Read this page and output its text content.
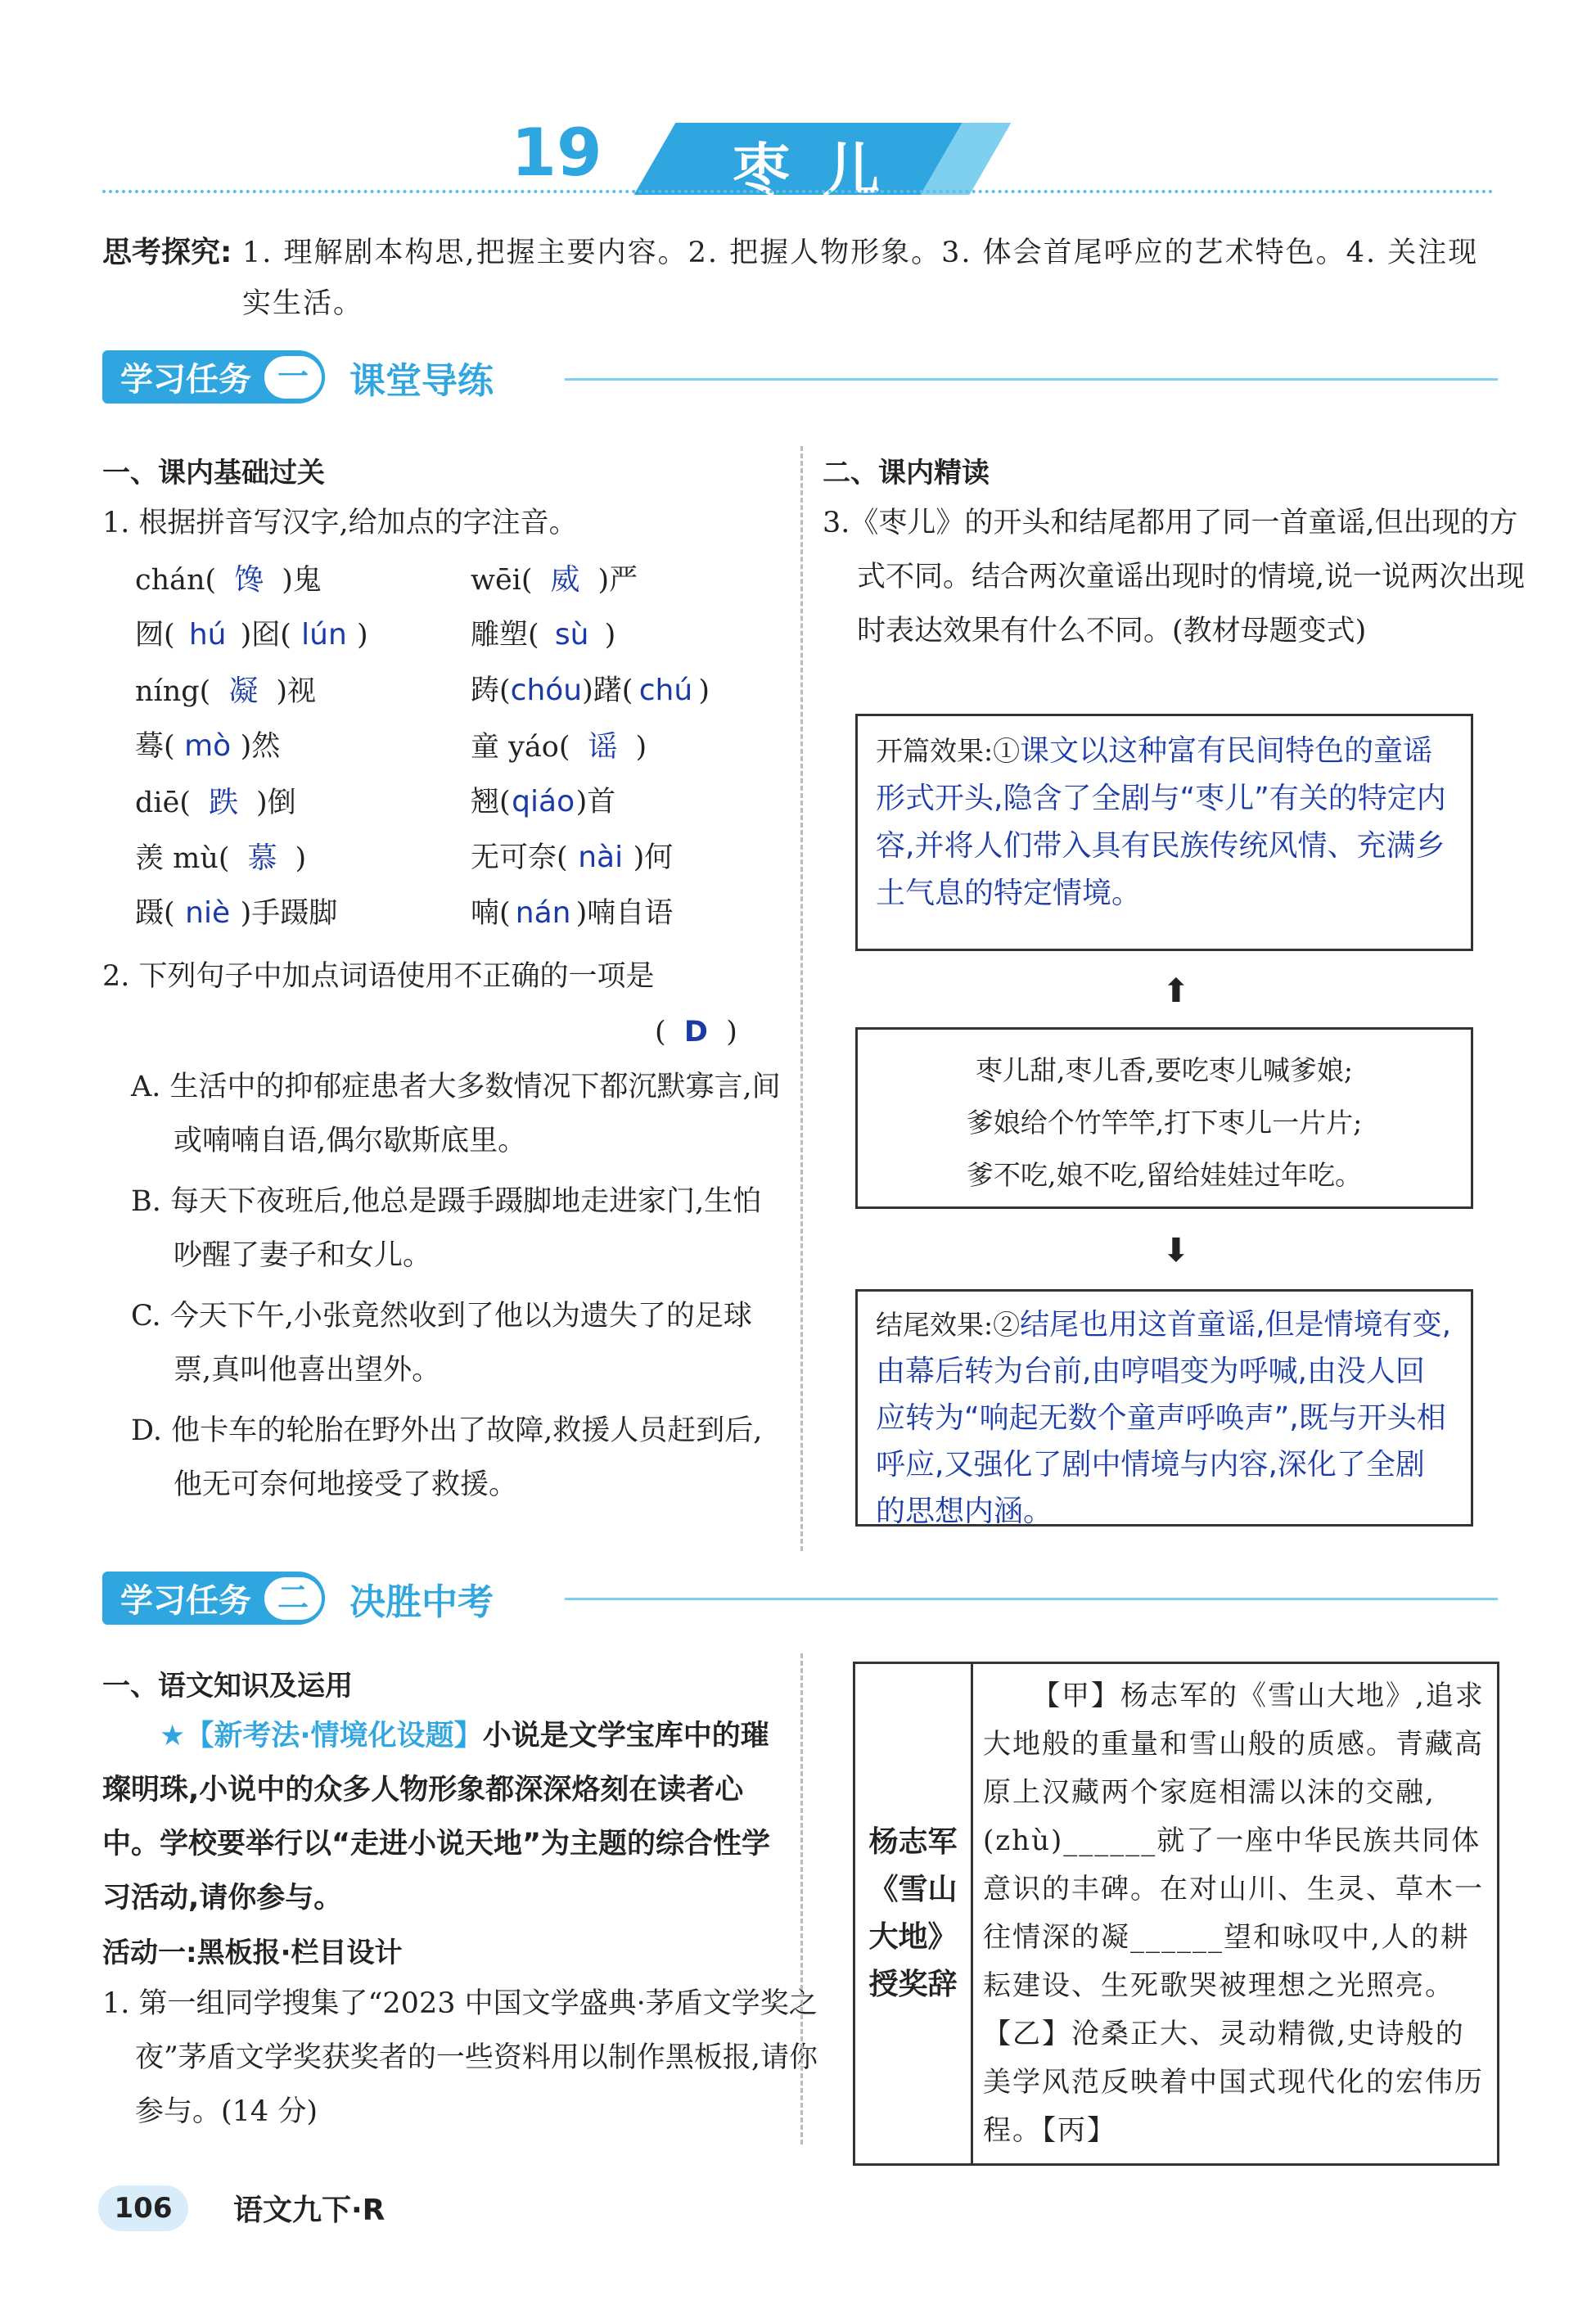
19	枣儿
思考探究: 1. 理解剧本构思,把握主要内容。2. 把握人物形象。3. 体会首尾呼应的艺术特色。4. 关注现实生活。
学习任务 一	课堂导练
一、课内基础过关
1. 根据拼音写汉字,给加点的字注音。
chán( 馋 )鬼	wēi( 威 )严
囫( hú )囵( lún )	雕塑( sù )
níng( 凝 )视	踌(chóu)躇( chú )
蓦( mò )然	童 yáo( 谣 )
diē( 跌 )倒	翘(qiáo)首
羡 mù( 慕 )	无可奈( nài )何
蹑( niè )手蹑脚	喃( nán )喃自语
2. 下列句子中加点词语使用不正确的一项是
(  D  )
A. 生活中的抑郁症患者大多数情况下都沉默寡言,间或喃喃自语,偶尔歇斯底里。
B. 每天下夜班后,他总是蹑手蹑脚地走进家门,生怕吵醒了妻子和女儿。
C. 今天下午,小张竟然收到了他以为遗失了的足球票,真叫他喜出望外。
D. 他卡车的轮胎在野外出了故障,救援人员赶到后,他无可奈何地接受了救援。
二、课内精读
3.《枣儿》的开头和结尾都用了同一首童谣,但出现的方式不同。结合两次童谣出现时的情境,说一说两次出现时表达效果有什么不同。(教材母题变式)
开篇效果:①课文以这种富有民间特色的童谣形式开头,隐含了全剧与“枣儿”有关的特定内容,并将人们带入具有民族传统风情、充满乡土气息的特定情境。
⬆
枣儿甜,枣儿香,要吃枣儿喊爹娘;
爹娘给个竹竿竿,打下枣儿一片片;
爹不吃,娘不吃,留给娃娃过年吃。
⬇
结尾效果:②结尾也用这首童谣,但是情境有变,由幕后转为台前,由哼唱变为呼喊,由没人回应转为“响起无数个童声呼唤声”,既与开头相呼应,又强化了剧中情境与内容,深化了全剧的思想内涵。
学习任务 二	决胜中考
一、语文知识及运用
★【新考法·情境化设题】小说是文学宝库中的璀璨明珠,小说中的众多人物形象都深深烙刻在读者心中。学校要举行以“走进小说天地”为主题的综合性学习活动,请你参与。
活动一:黑板报·栏目设计
1. 第一组同学搜集了“2023 中国文学盛典·茅盾文学奖之夜”茅盾文学奖获奖者的一些资料用以制作黑板报,请你参与。(14 分)
杨志军《雪山大地》授奖辞

【甲】杨志军的《雪山大地》,追求大地般的重量和雪山般的质感。青藏高原上汉藏两个家庭相濡以沫的交融,(zhù)______就了一座中华民族共同体意识的丰碑。在对山川、生灵、草木一往情深的凝______望和咏叹中,人的耕耘建设、生死歌哭被理想之光照亮。【乙】沧桑正大、灵动精微,史诗般的美学风范反映着中国式现代化的宏伟历程。【丙】
106	语文九下·R
